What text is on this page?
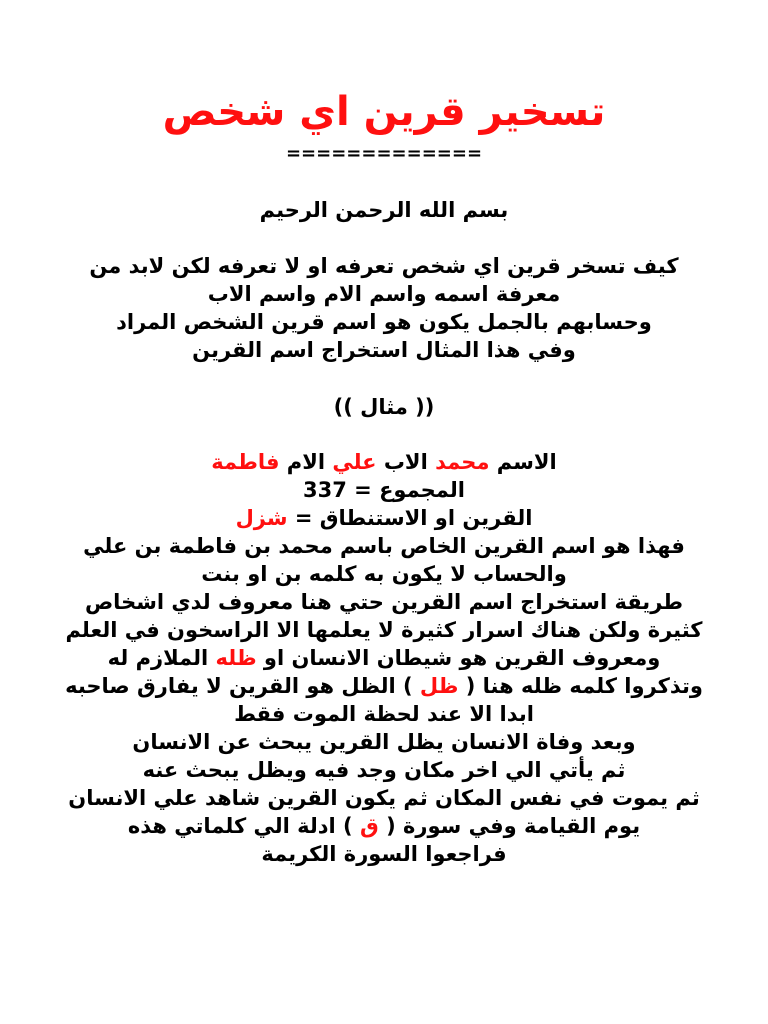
تسخير قرين اي شخص
=============
بسم الله الرحمن الرحيم
كيف تسخر قرين اي شخص تعرفه او لا تعرفه لكن لابد من
معرفة اسمه واسم الام واسم الاب
وحسابهم بالجمل يكون هو اسم قرين الشخص المراد
وفي هذا المثال استخراج اسم القرين
(( مثال ))
الاسم محمد الاب علي الام فاطمة
المجموع = 337
القرين او الاستنطاق = شزل
فهذا هو اسم القرين الخاص باسم محمد بن فاطمة بن علي
والحساب لا يكون به كلمه بن او بنت
طريقة استخراج اسم القرين حتي هنا معروف لدي اشخاص
كثيرة ولكن هناك اسرار كثيرة لا يعلمها الا الراسخون في العلم
ومعروف القرين هو شيطان الانسان او ظله الملازم له
وتذكروا كلمه ظله هنا ( ظل ) الظل هو القرين لا يفارق صاحبه
ابدا الا عند لحظة الموت فقط
وبعد وفاة الانسان يظل القرين يبحث عن الانسان
ثم يأتي الي اخر مكان وجد فيه ويظل يبحث عنه
ثم يموت في نفس المكان ثم يكون القرين شاهد علي الانسان
يوم القيامة وفي سورة ( ق ) ادلة الي كلماتي هذه
فراجعوا السورة الكريمة
